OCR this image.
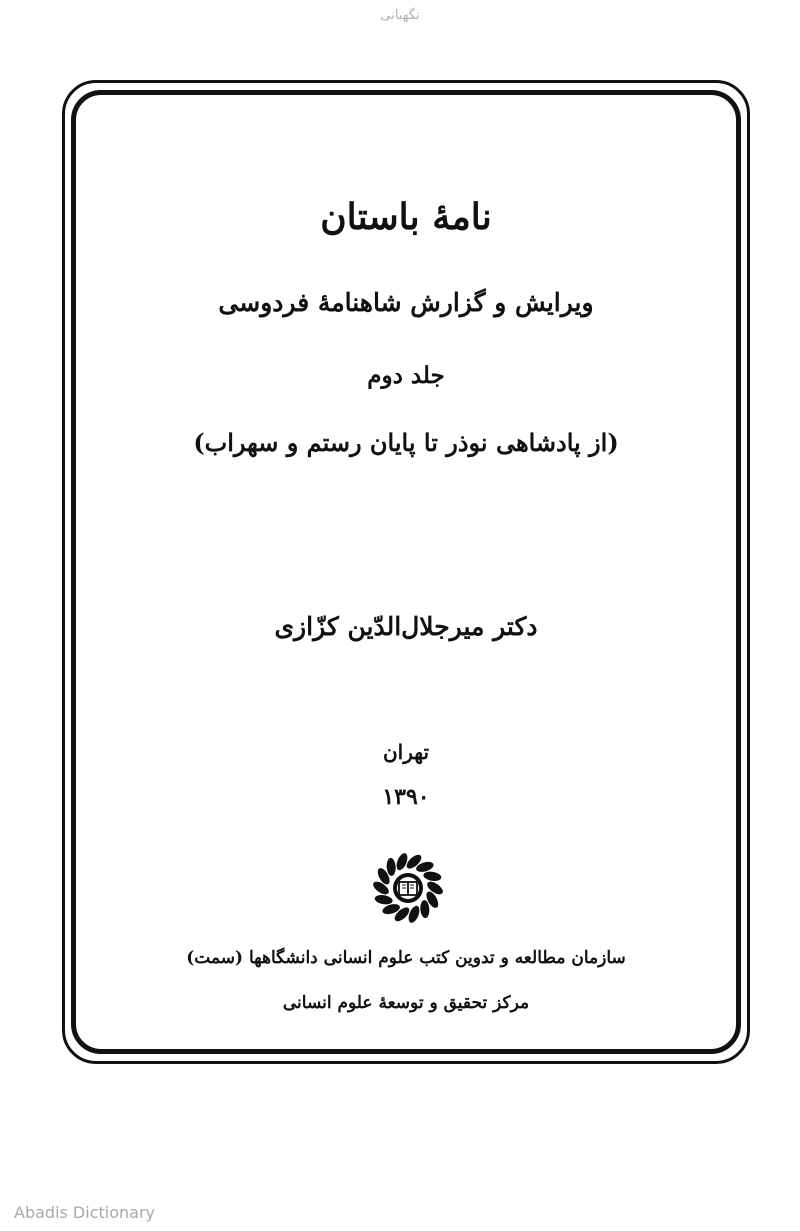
نگهبانی
نامهٔ باستان
ویرایش و گزارش شاهنامهٔ فردوسی
جلد دوم
(از پادشاهی نوذر تا پایان رستم و سهراب)
دکتر میرجلال‌الدّین کزّازی
تهران
۱۳۹۰
سازمان مطالعه و تدوین کتب علوم انسانی دانشگاهها (سمت)
مرکز تحقیق و توسعهٔ علوم انسانی
Abadis Dictionary
